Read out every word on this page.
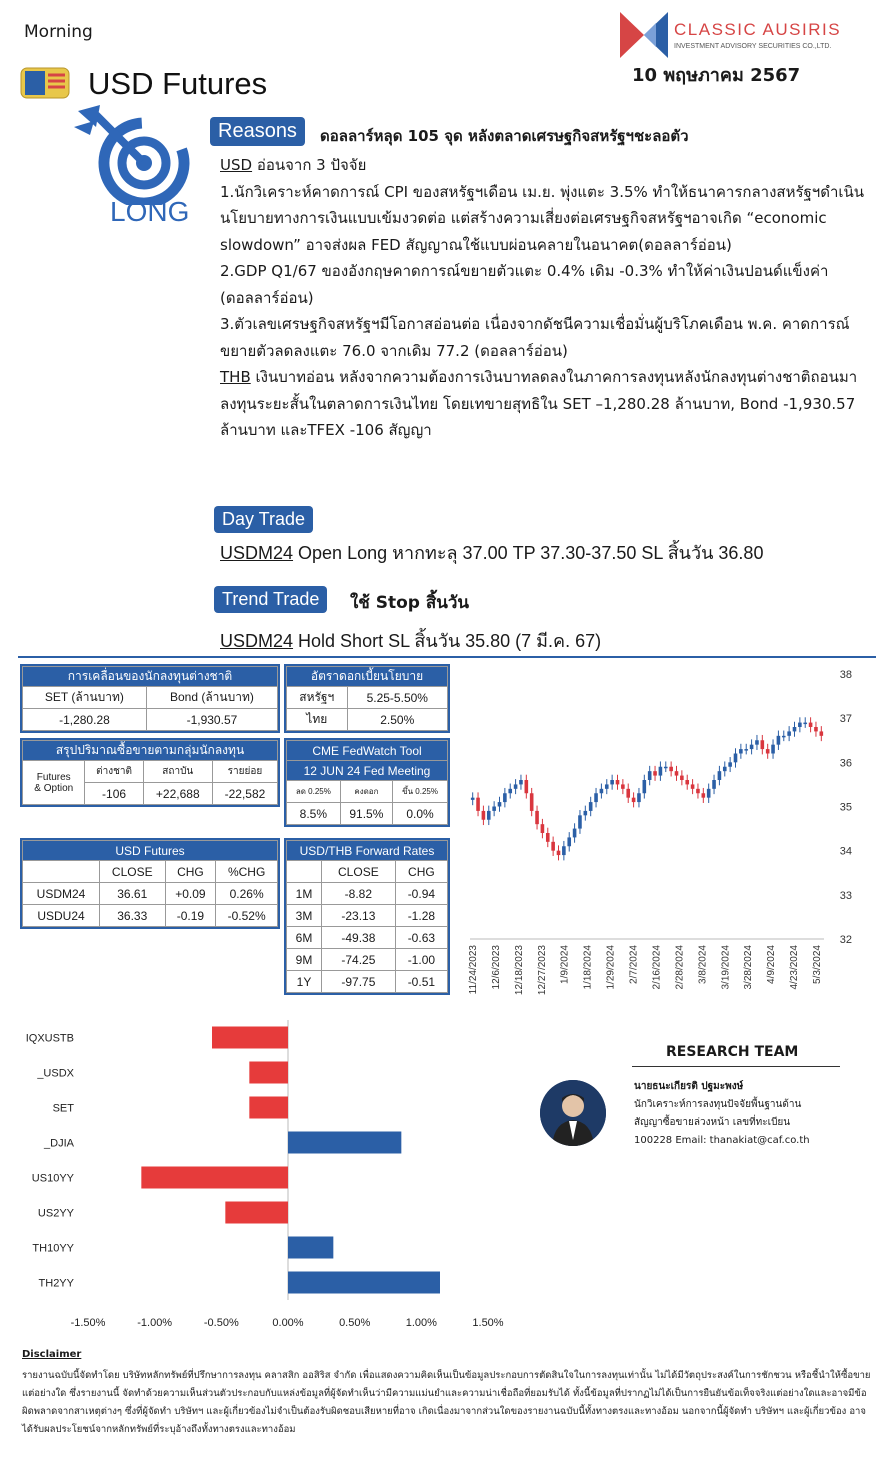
Morning	CLASSIC AUSIRIS
INVESTMENT ADVISORY SECURITIES CO.,LTD.
10 พฤษภาคม 2567
USD Futures
LONG
Reasons	ดอลลาร์หลุด 105 จุด หลังตลาดเศรษฐกิจสหรัฐฯชะลอตัว

USD อ่อนจาก 3 ปัจจัย

1.นักวิเคราะห์คาดการณ์ CPI ของสหรัฐฯเดือน เม.ย. พุ่งแตะ 3.5% ทำให้ธนาคารกลางสหรัฐฯดำเนินนโยบายทางการเงินแบบเข้มงวดต่อ แต่สร้างความเสี่ยงต่อเศรษฐกิจสหรัฐฯอาจเกิด “economic slowdown” อาจส่งผล FED สัญญาณใช้แบบผ่อนคลายในอนาคต(ดอลลาร์อ่อน)

2.GDP Q1/67 ของอังกฤษคาดการณ์ขยายตัวแตะ 0.4% เดิม -0.3% ทำให้ค่าเงินปอนด์แข็งค่า (ดอลลาร์อ่อน)

3.ตัวเลขเศรษฐกิจสหรัฐฯมีโอกาสอ่อนต่อ เนื่องจากดัชนีความเชื่อมั่นผู้บริโภคเดือน พ.ค. คาดการณ์ขยายตัวลดลงแตะ 76.0 จากเดิม 77.2 (ดอลลาร์อ่อน)

THB เงินบาทอ่อน หลังจากความต้องการเงินบาทลดลงในภาคการลงทุนหลังนักลงทุนต่างชาติถอนมาลงทุนระยะสั้นในตลาดการเงินไทย โดยเทขายสุทธิใน SET –1,280.28 ล้านบาท, Bond -1,930.57 ล้านบาท และTFEX -106 สัญญา

Day Trade
USDM24 Open Long หากทะลุ 37.00 TP 37.30-37.50 SL สิ้นวัน 36.80
Trend Trade	ใช้ Stop สิ้นวัน
USDM24 Hold Short SL สิ้นวัน 35.80 (7 มี.ค. 67)
การเคลื่อนของนักลงทุนต่างชาติ	
SET (ล้านบาท)	Bond (ล้านบาท)
-1,280.28	-1,930.57
อัตราดอกเบี้ยนโยบาย	
สหรัฐฯ	5.25-5.50%
ไทย	2.50%
สรุปปริมาณซื้อขายตามกลุ่มนักลงทุน			

Futures
& Option	ต่างชาติ	สถาบัน	รายย่อย
	-106	+22,688	-22,582
CME FedWatch Tool		
12 JUN 24 Fed Meeting		
ลด 0.25%	คงดอก	ขึ้น 0.25%
8.5%	91.5%	0.0%
USD Futures			
	CLOSE	CHG	%CHG
USDM24	36.61	+0.09	0.26%
USDU24	36.33	-0.19	-0.52%
USD/THB Forward Rates		
	CLOSE	CHG
1M	-8.82	-0.94
3M	-23.13	-1.28
6M	-49.38	-0.63
9M	-74.25	-1.00
1Y	-97.75	-0.51
38
37
36
35
34
33
32
11/24/2023 12/6/2023 12/18/2023 12/27/2023 1/9/2024 1/18/2024 1/29/2024 2/7/2024 2/16/2024 2/28/2024 3/8/2024 3/19/2024 3/28/2024 4/9/2024 4/23/2024 5/3/2024
IQXUSTB
_USDX
SET
_DJIA
US10YY
US2YY
TH10YY
TH2YY
-1.50%	-1.00%	-0.50%	0.00%	0.50%	1.00%	1.50%
RESEARCH TEAM
นายธนะเกียรติ ปฐมะพงษ์
นักวิเคราะห์การลงทุนปัจจัยพื้นฐานด้าน
สัญญาซื้อขายล่วงหน้า เลขที่ทะเบียน
100228 Email: thanakiat@caf.co.th
Disclaimer
รายงานฉบับนี้จัดทำโดย บริษัทหลักทรัพย์ที่ปรึกษาการลงทุน คลาสสิก ออสิริส จำกัด เพื่อแสดงความคิดเห็นเป็นข้อมูลประกอบการตัดสินใจในการลงทุนเท่านั้น ไม่ได้มีวัตถุประสงค์ในการชักชวน หรือชี้นำให้ซื้อขายแต่อย่างใด ซึ่งรายงานนี้ จัดทำด้วยความเห็นส่วนตัวประกอบกับแหล่งข้อมูลที่ผู้จัดทำเห็นว่ามีความแม่นยำและความน่าเชื่อถือที่ยอมรับได้ ทั้งนี้ข้อมูลที่ปรากฏไม่ได้เป็นการยืนยันข้อเท็จจริงแต่อย่างใดและอาจมีข้อผิดพลาดจากสาเหตุต่างๆ ซึ่งที่ผู้จัดทำ บริษัทฯ และผู้เกี่ยวข้องไม่จำเป็นต้องรับผิดชอบเสียหายที่อาจ เกิดเนื่องมาจากส่วนใดของรายงานฉบับนี้ทั้งทางตรงและทางอ้อม นอกจากนี้ผู้จัดทำ บริษัทฯ และผู้เกี่ยวข้อง อาจได้รับผลประโยชน์จากหลักทรัพย์ที่ระบุอ้างถึงทั้งทางตรงและทางอ้อม
